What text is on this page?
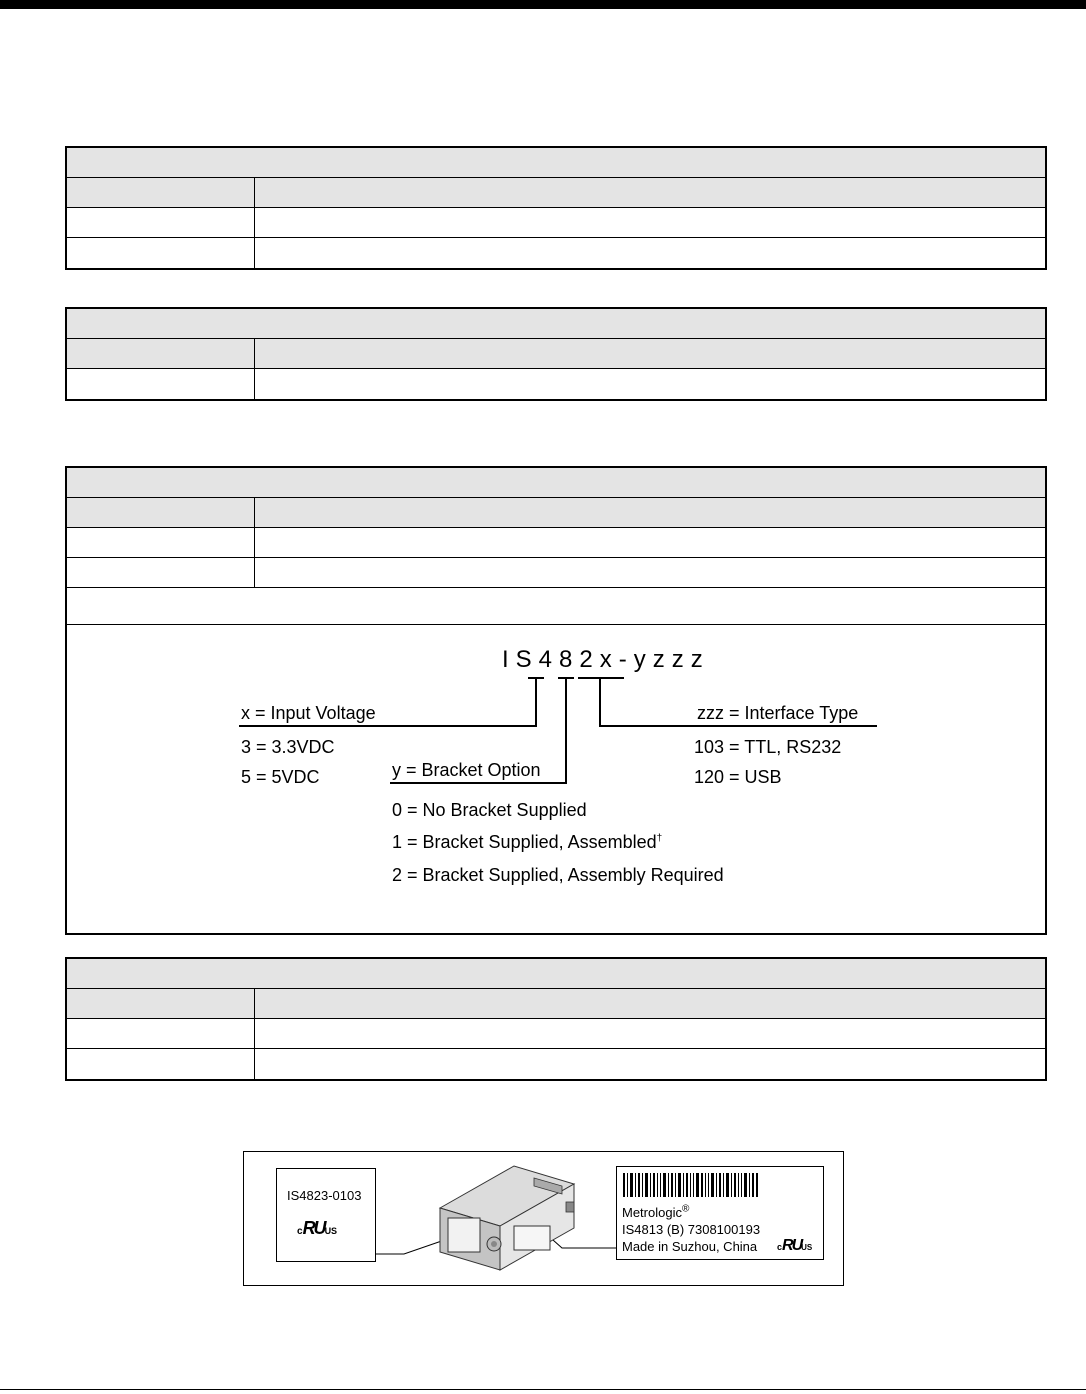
IS482x-yzzz
x = Input Voltage
3 = 3.3VDC
5 = 5VDC	y = Bracket Option
0 = No Bracket Supplied
1 = Bracket Supplied, Assembled†
2 = Bracket Supplied, Assembly Required
zzz = Interface Type
103 = TTL, RS232
120 = USB
IS4823-0103
cRUUS
Metrologic®
IS4813 (B) 7308100193
Made in Suzhou, China cRUUS
